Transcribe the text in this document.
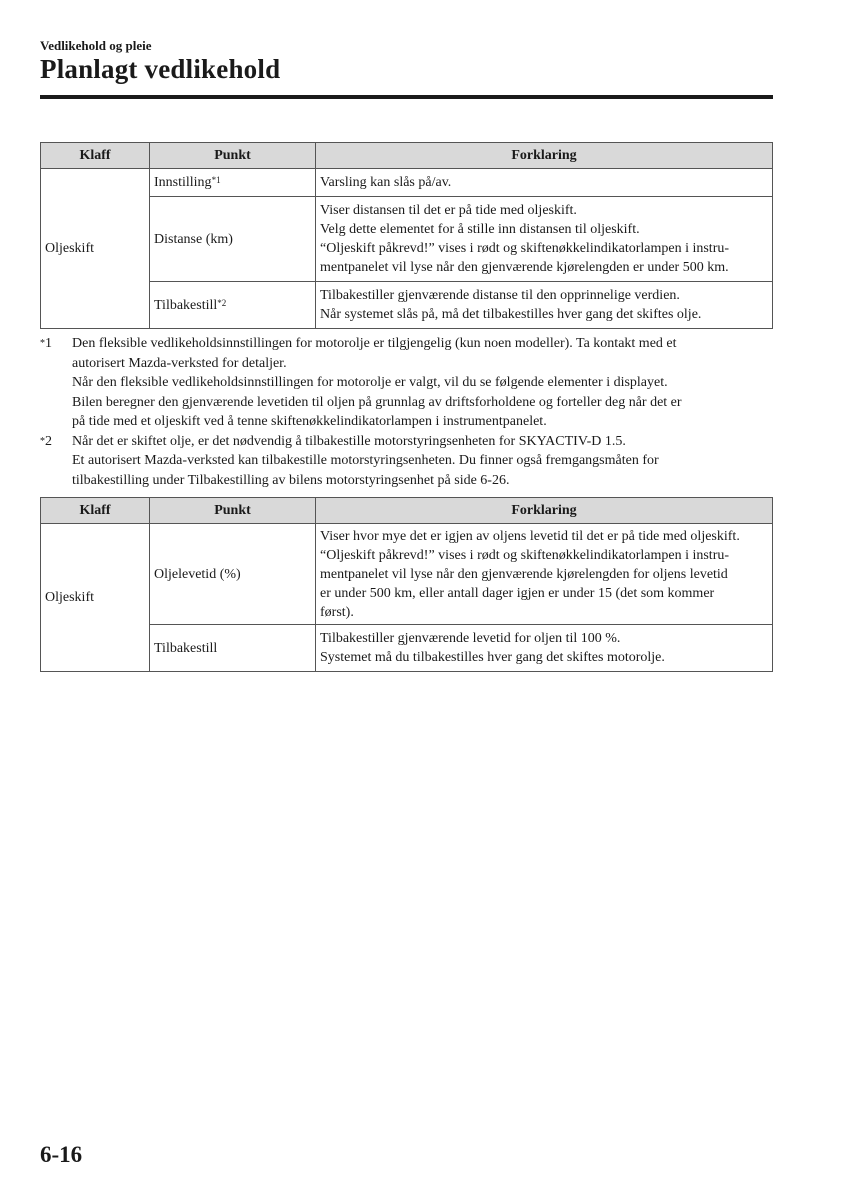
Vedlikehold og pleie
Planlagt vedlikehold
Klaff	Punkt	Forklaring
Oljeskift	Innstilling$^{*1}$	Varsling kan slås på/av.

	Distanse (km)	Viser distansen til det er på tide med oljeskift.
Velg dette elementet for å stille inn distansen til oljeskift.
“Oljeskift påkrevd!” vises i rødt og skiftenøkkelindikatorlampen i instru-
mentpanelet vil lyse når den gjenværende kjørelengden er under 500 km.

	Tilbakestill$^{*2}$	Tilbakestiller gjenværende distanse til den opprinnelige verdien.
Når systemet slås på, må det tilbakestilles hver gang det skiftes olje.
*1	Den fleksible vedlikeholdsinnstillingen for motorolje er tilgjengelig (kun noen modeller). Ta kontakt med et
autorisert Mazda-verksted for detaljer.
Når den fleksible vedlikeholdsinnstillingen for motorolje er valgt, vil du se følgende elementer i displayet.
Bilen beregner den gjenværende levetiden til oljen på grunnlag av driftsforholdene og forteller deg når det er
på tide med et oljeskift ved å tenne skiftenøkkelindikatorlampen i instrumentpanelet.
*2	Når det er skiftet olje, er det nødvendig å tilbakestille motorstyringsenheten for SKYACTIV-D 1.5.
Et autorisert Mazda-verksted kan tilbakestille motorstyringsenheten. Du finner også fremgangsmåten for
tilbakestilling under Tilbakestilling av bilens motorstyringsenhet på side 6-26.
Klaff	Punkt	Forklaring
Oljeskift	Oljelevetid (%)	Viser hvor mye det er igjen av oljens levetid til det er på tide med oljeskift.
“Oljeskift påkrevd!” vises i rødt og skiftenøkkelindikatorlampen i instru-
mentpanelet vil lyse når den gjenværende kjørelengden for oljens levetid
er under 500 km, eller antall dager igjen er under 15 (det som kommer
først).

	Tilbakestill	Tilbakestiller gjenværende levetid for oljen til 100 %.
Systemet må du tilbakestilles hver gang det skiftes motorolje.
6-16
